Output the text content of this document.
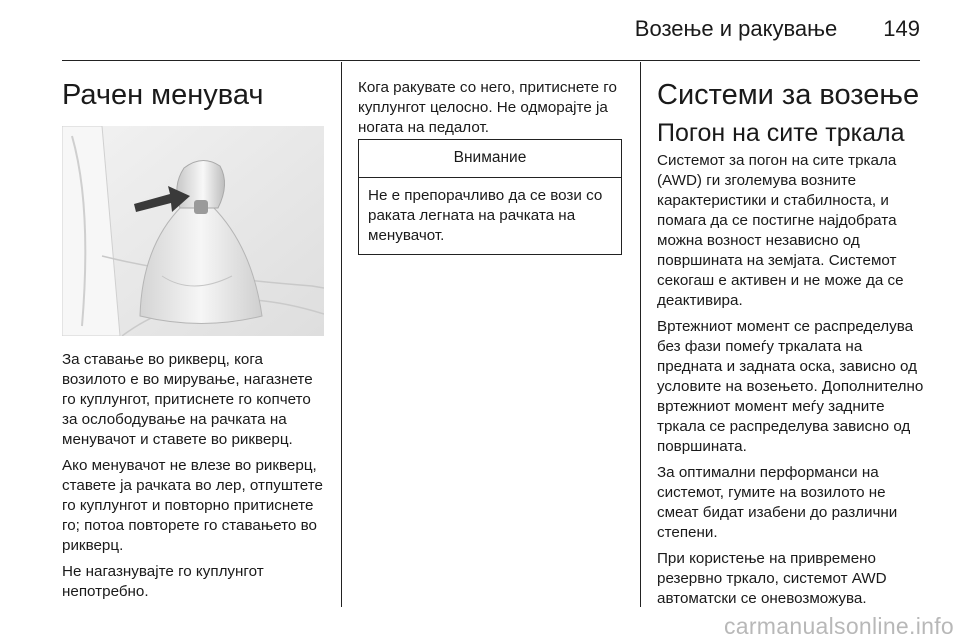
Возење и ракување 149
Рачен менувач

За ставање во рикверц, кога возилото е во мирување, нагазнете го куплунгот, притиснете го копчето за ослободување на рачката на менувачот и ставете во рикверц.

Ако менувачот не влезе во рикверц, ставете ја рачката во лер, отпуштете го куплунгот и повторно притиснете го; потоа повторете го ставањето во рикверц.

Не нагазнувајте го куплунгот непотребно.

Кога ракувате со него, притиснете го куплунгот целосно. Не одморајте ја ногата на педалот.

Внимание
Не е препорачливо да се вози со раката легната на рачката на менувачот.
Системи за возење
Погон на сите тркала

Системот за погон на сите тркала (AWD) ги зголемува возните карактеристики и стабилноста, и помага да се постигне најдобрата можна возност независно од површината на земјата. Системот секогаш е активен и не може да се деактивира.

Вртежниот момент се распределува без фази помеѓу тркалата на предната и задната оска, зависно од условите на возењето. Дополнително вртежниот момент меѓу задните тркала се распределува зависно од површината.

За оптимални перформанси на системот, гумите на возилото не смеат бидат изабени до различни степени.

При користење на привремено резервно тркало, системот AWD автоматски се оневозможува.

carmanualsonline.info
